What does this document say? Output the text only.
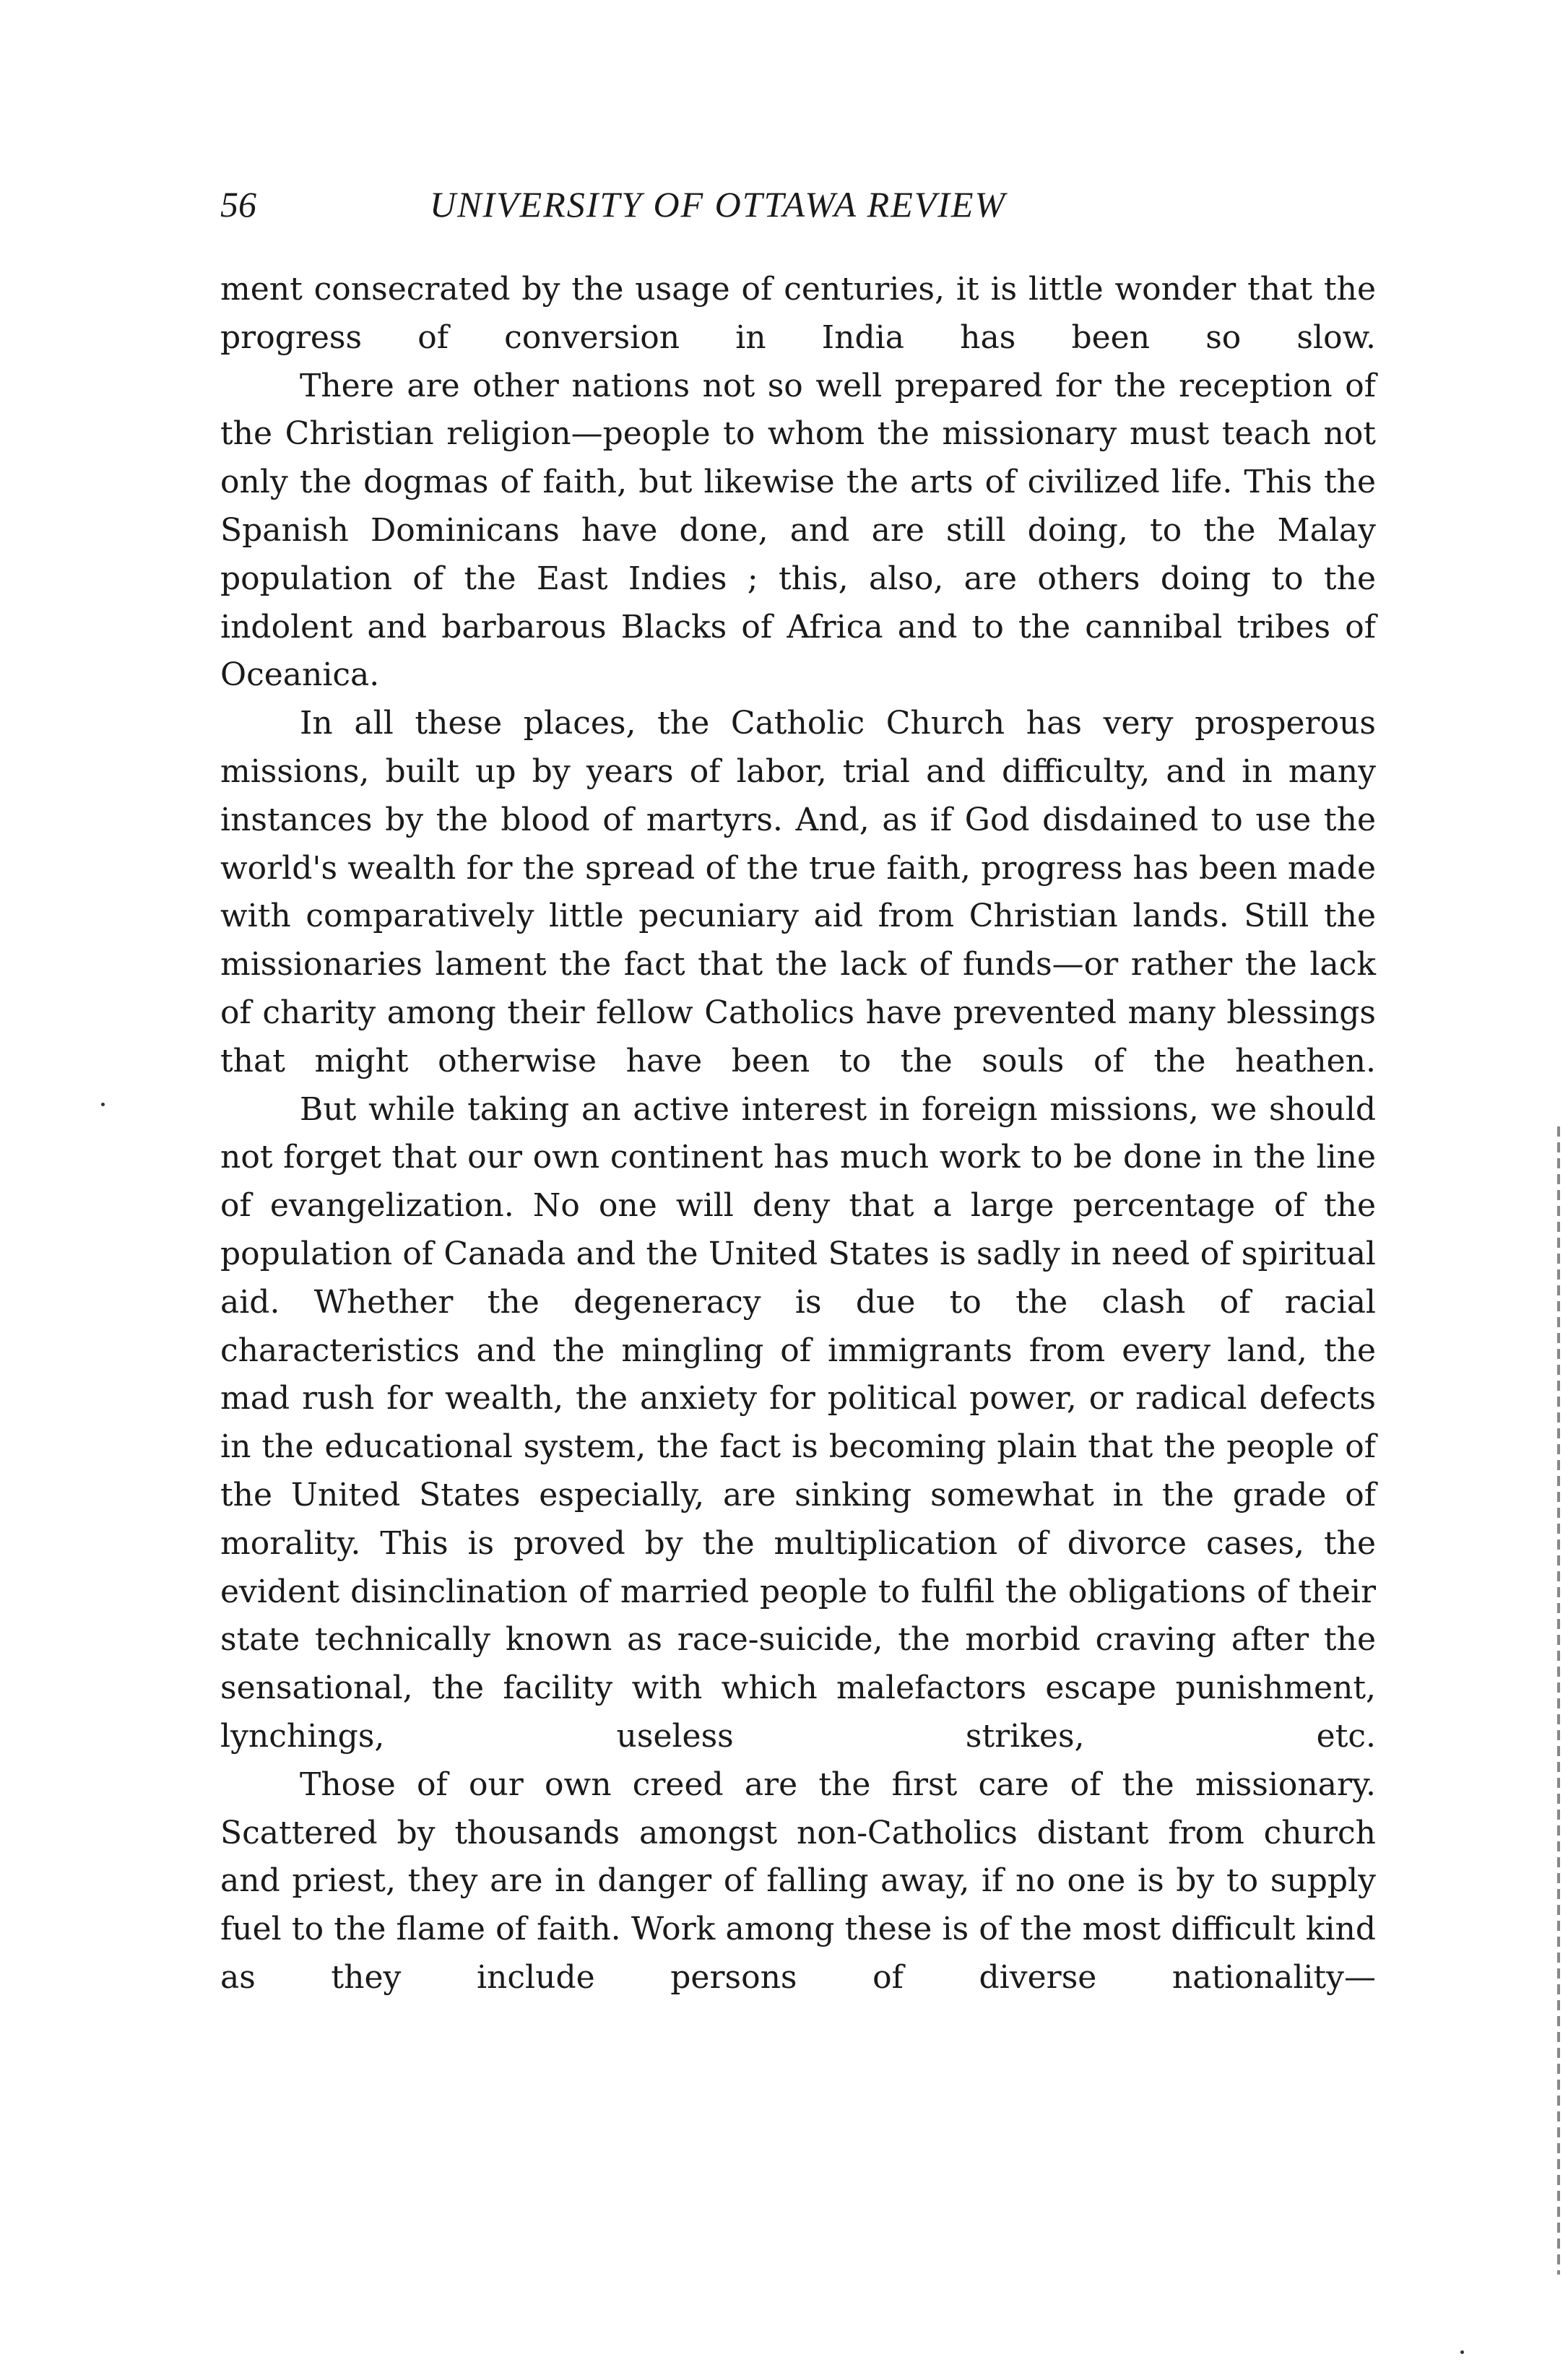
56	UNIVERSITY OF OTTAWA REVIEW

ment consecrated by the usage of centuries, it is little wonder that the progress of conversion in India has been so slow.

There are other nations not so well prepared for the reception of the Christian religion—people to whom the missionary must teach not only the dogmas of faith, but likewise the arts of civilized life. This the Spanish Dominicans have done, and are still doing, to the Malay population of the East Indies ; this, also, are others doing to the indolent and barbarous Blacks of Africa and to the cannibal tribes of Oceanica.

In all these places, the Catholic Church has very prosperous missions, built up by years of labor, trial and difficulty, and in many instances by the blood of martyrs. And, as if God disdained to use the world's wealth for the spread of the true faith, progress has been made with comparatively little pecuniary aid from Christian lands. Still the missionaries lament the fact that the lack of funds—or rather the lack of charity among their fellow Catholics have prevented many blessings that might otherwise have been to the souls of the heathen.

But while taking an active interest in foreign missions, we should not forget that our own continent has much work to be done in the line of evangelization. No one will deny that a large percentage of the population of Canada and the United States is sadly in need of spiritual aid. Whether the degeneracy is due to the clash of racial characteristics and the mingling of immigrants from every land, the mad rush for wealth, the anxiety for political power, or radical defects in the educational system, the fact is becoming plain that the people of the United States especially, are sinking somewhat in the grade of morality. This is proved by the multiplication of divorce cases, the evident disinclination of married people to fulfil the obligations of their state technically known as race-suicide, the morbid craving after the sensational, the facility with which malefactors escape punishment, lynchings, useless strikes, etc.

Those of our own creed are the first care of the missionary. Scattered by thousands amongst non-Catholics distant from church and priest, they are in danger of falling away, if no one is by to supply fuel to the flame of faith. Work among these is of the most difficult kind as they include persons of diverse nationality—
